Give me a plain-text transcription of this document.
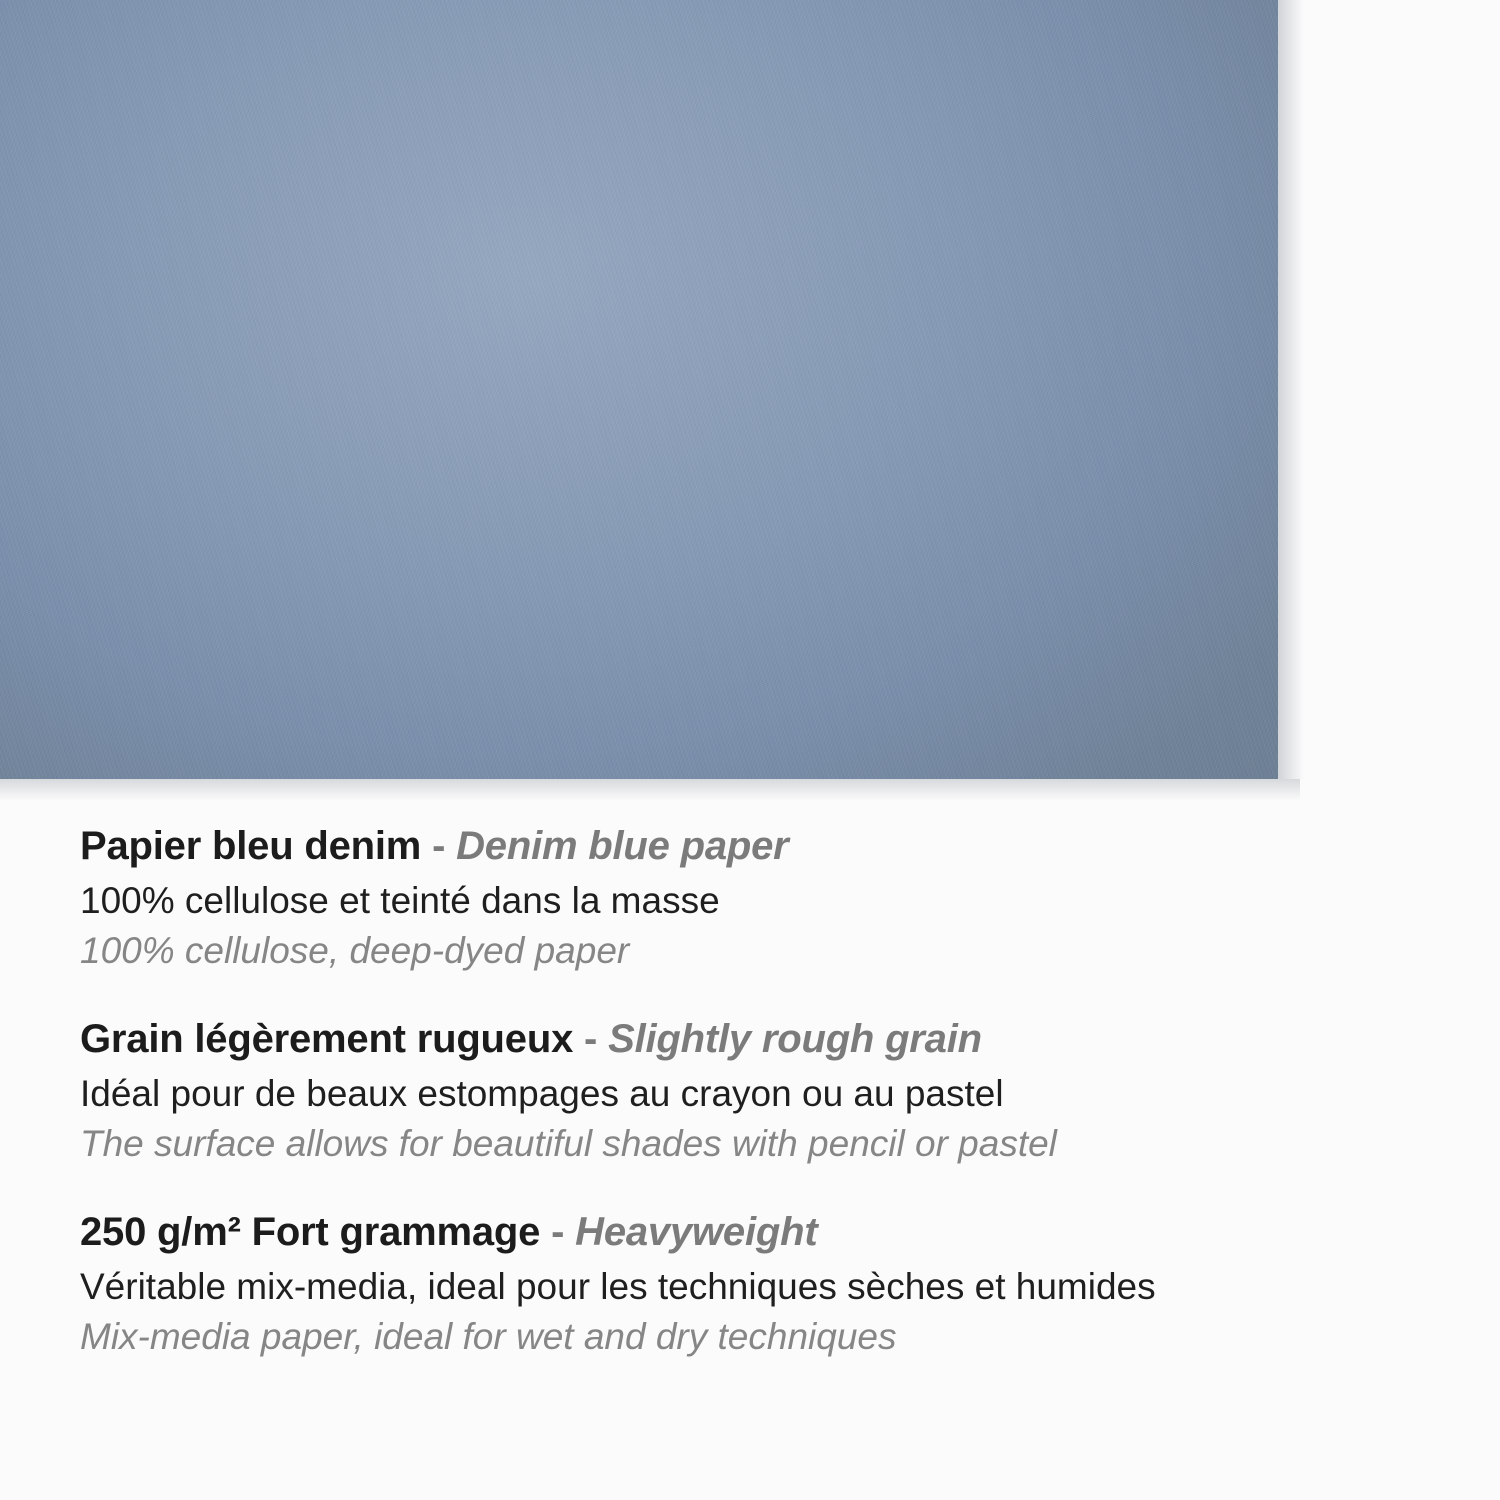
Papier bleu denim - Denim blue paper
100% cellulose et teinté dans la masse
100% cellulose, deep-dyed paper
Grain légèrement rugueux - Slightly rough grain
Idéal pour de beaux estompages au crayon ou au pastel
The surface allows for beautiful shades with pencil or pastel
250 g/m² Fort grammage - Heavyweight
Véritable mix-media, ideal pour les techniques sèches et humides
Mix-media paper, ideal for wet and dry techniques
